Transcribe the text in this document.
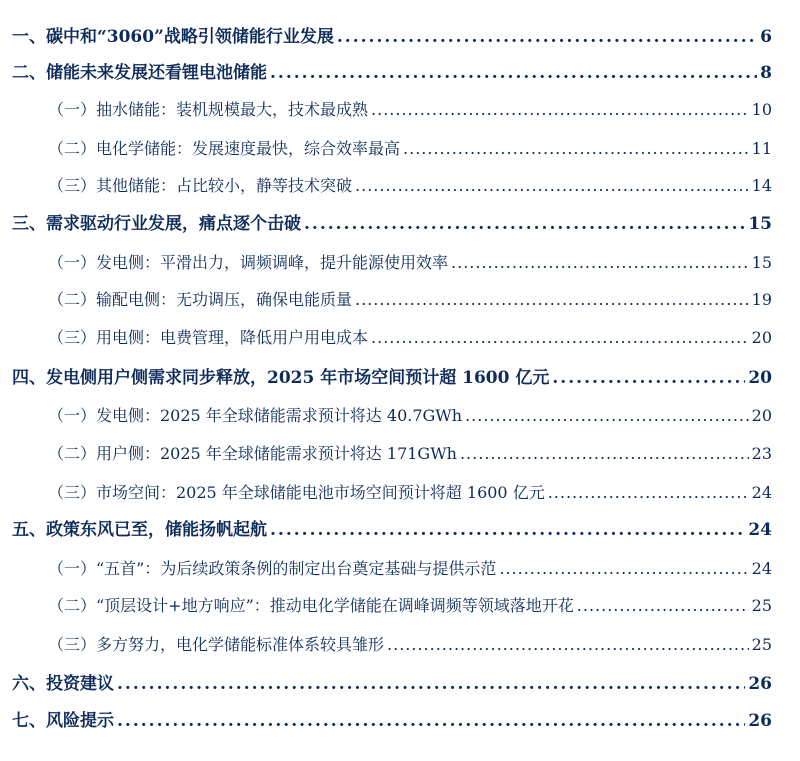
一、碳中和“3060”战略引领储能行业发展 .....	6
二、储能未来发展还看锂电池储能 .....	8
（一）抽水储能：装机规模最大，技术最成熟 .....	10
（二）电化学储能：发展速度最快，综合效率最高 .....	11
（三）其他储能：占比较小，静等技术突破 .....	14
三、需求驱动行业发展，痛点逐个击破 .....	15
（一）发电侧：平滑出力，调频调峰，提升能源使用效率 .....	15
（二）输配电侧：无功调压，确保电能质量 .....	19
（三）用电侧：电费管理，降低用户用电成本 .....	20
四、发电侧用户侧需求同步释放，2025 年市场空间预计超 1600 亿元 .....	20
（一）发电侧：2025 年全球储能需求预计将达 40.7GWh .....	20
（二）用户侧：2025 年全球储能需求预计将达 171GWh .....	23
（三）市场空间：2025 年全球储能电池市场空间预计将超 1600 亿元 .....	24
五、政策东风已至，储能扬帆起航 .....	24
（一）“五首”：为后续政策条例的制定出台奠定基础与提供示范 .....	24
（二）“顶层设计+地方响应”：推动电化学储能在调峰调频等领域落地开花 .....	25
（三）多方努力，电化学储能标准体系较具雏形 .....	25
六、投资建议 .....	26
七、风险提示 .....	26
